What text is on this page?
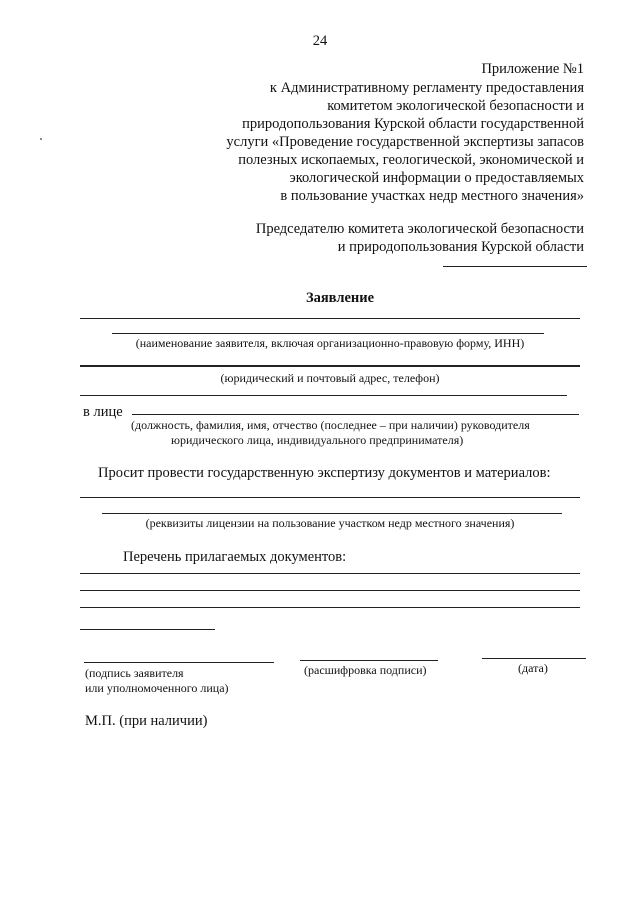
24
Приложение №1
к Административному регламенту предоставления
комитетом экологической безопасности и
природопользования Курской области государственной
услуги «Проведение государственной экспертизы запасов
полезных ископаемых, геологической, экономической и
экологической информации о предоставляемых
в пользование участках недр местного значения»
Председателю комитета экологической безопасности
и природопользования Курской области
Заявление
(наименование заявителя, включая организационно-правовую форму, ИНН)
(юридический и почтовый адрес, телефон)
в лице
(должность, фамилия, имя, отчество (последнее – при наличии) руководителя
юридического лица, индивидуального предпринимателя)
Просит провести государственную экспертизу документов и материалов:
(реквизиты лицензии на пользование участком недр местного значения)
Перечень прилагаемых документов:
(подпись заявителя
или уполномоченного лица)
(расшифровка подписи)	(дата)
М.П. (при наличии)
